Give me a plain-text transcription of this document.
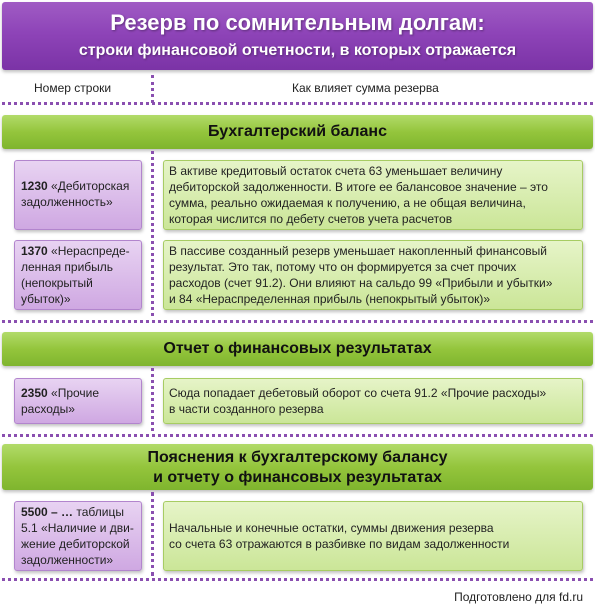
Резерв по сомнительным долгам:
строки финансовой отчетности, в которых отражается
Номер строки	Как влияет сумма резерва
Бухгалтерский баланс
1230 «Дебиторская
задолженность»
В активе кредитовый остаток счета 63 уменьшает величину
дебиторской задолженности. В итоге ее балансовое значение – это
сумма, реально ожидаемая к получению, а не общая величина,
которая числится по дебету счетов учета расчетов
1370 «Нераспреде-
ленная прибыль
(непокрытый
убыток)»
В пассиве созданный резерв уменьшает накопленный финансовый
результат. Это так, потому что он формируется за счет прочих
расходов (счет 91.2). Они влияют на сальдо 99 «Прибыли и убытки»
и 84 «Нераспределенная прибыль (непокрытый убыток)»
Отчет о финансовых результатах
2350 «Прочие
расходы»
Сюда попадает дебетовый оборот со счета 91.2 «Прочие расходы»
в части созданного резерва
Пояснения к бухгалтерскому балансу
и отчету о финансовых результатах
5500 – … таблицы
5.1 «Наличие и дви-
жение дебиторской
задолженности»
Начальные и конечные остатки, суммы движения резерва
со счета 63 отражаются в разбивке по видам задолженности
Подготовлено для fd.ru
